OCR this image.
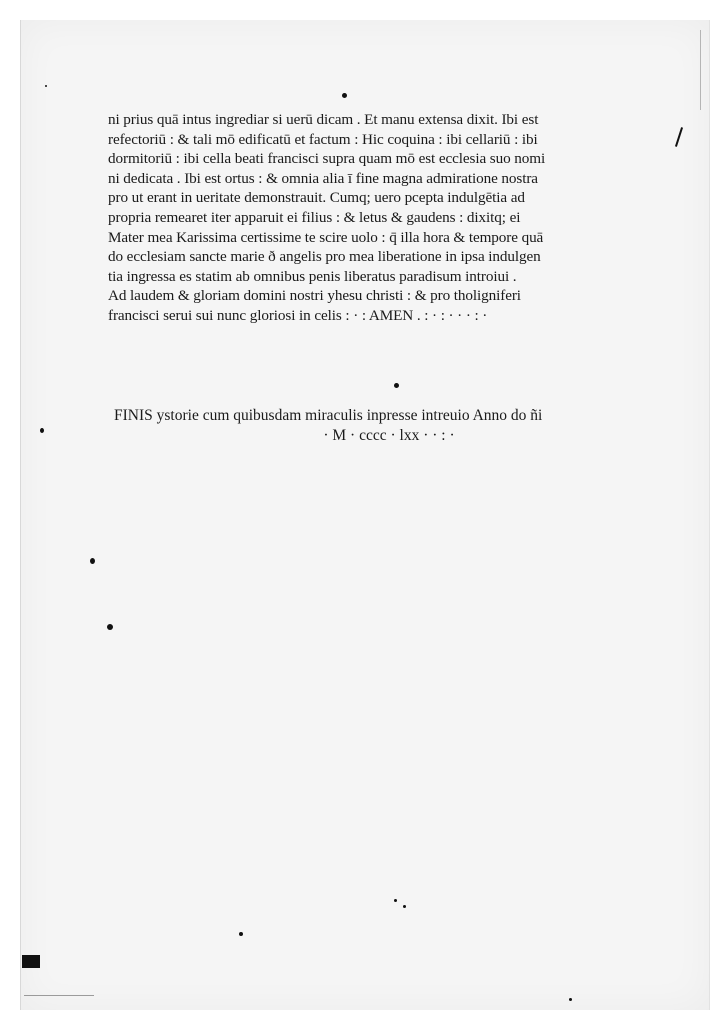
ni prius quā intus ingrediar si uerū dicam . Et manu extensa dixit. Ibi est
refectoriū : & tali mō edificatū et factum : Hic coquina : ibi cellariū : ibi
dormitoriū : ibi cella beati francisci supra quam mō est ecclesia suo nomi
ni dedicata . Ibi est ortus : & omnia alia ī fine magna admiratione nostra
pro ut erant in ueritate demonstrauit. Cumq; uero pcepta indulgētia ad
propria remearet iter apparuit ei filius : & letus & gaudens : dixitq; ei
Mater mea Karissima certissime te scire uolo : q̄ illa hora & tempore quā
do ecclesiam sancte marie ð angelis pro mea liberatione in ipsa indulgen
tia ingressa es statim ab omnibus penis liberatus paradisum introiui .
Ad laudem & gloriam domini nostri yhesu christi : & pro tholigniferi
francisci serui sui nunc gloriosi in celis : · : AMEN . : · : · · · : ·
FINIS ystorie cum quibusdam miraculis inpresse intreuio Anno do ñi
· M · cccc · lxx · · : ·
